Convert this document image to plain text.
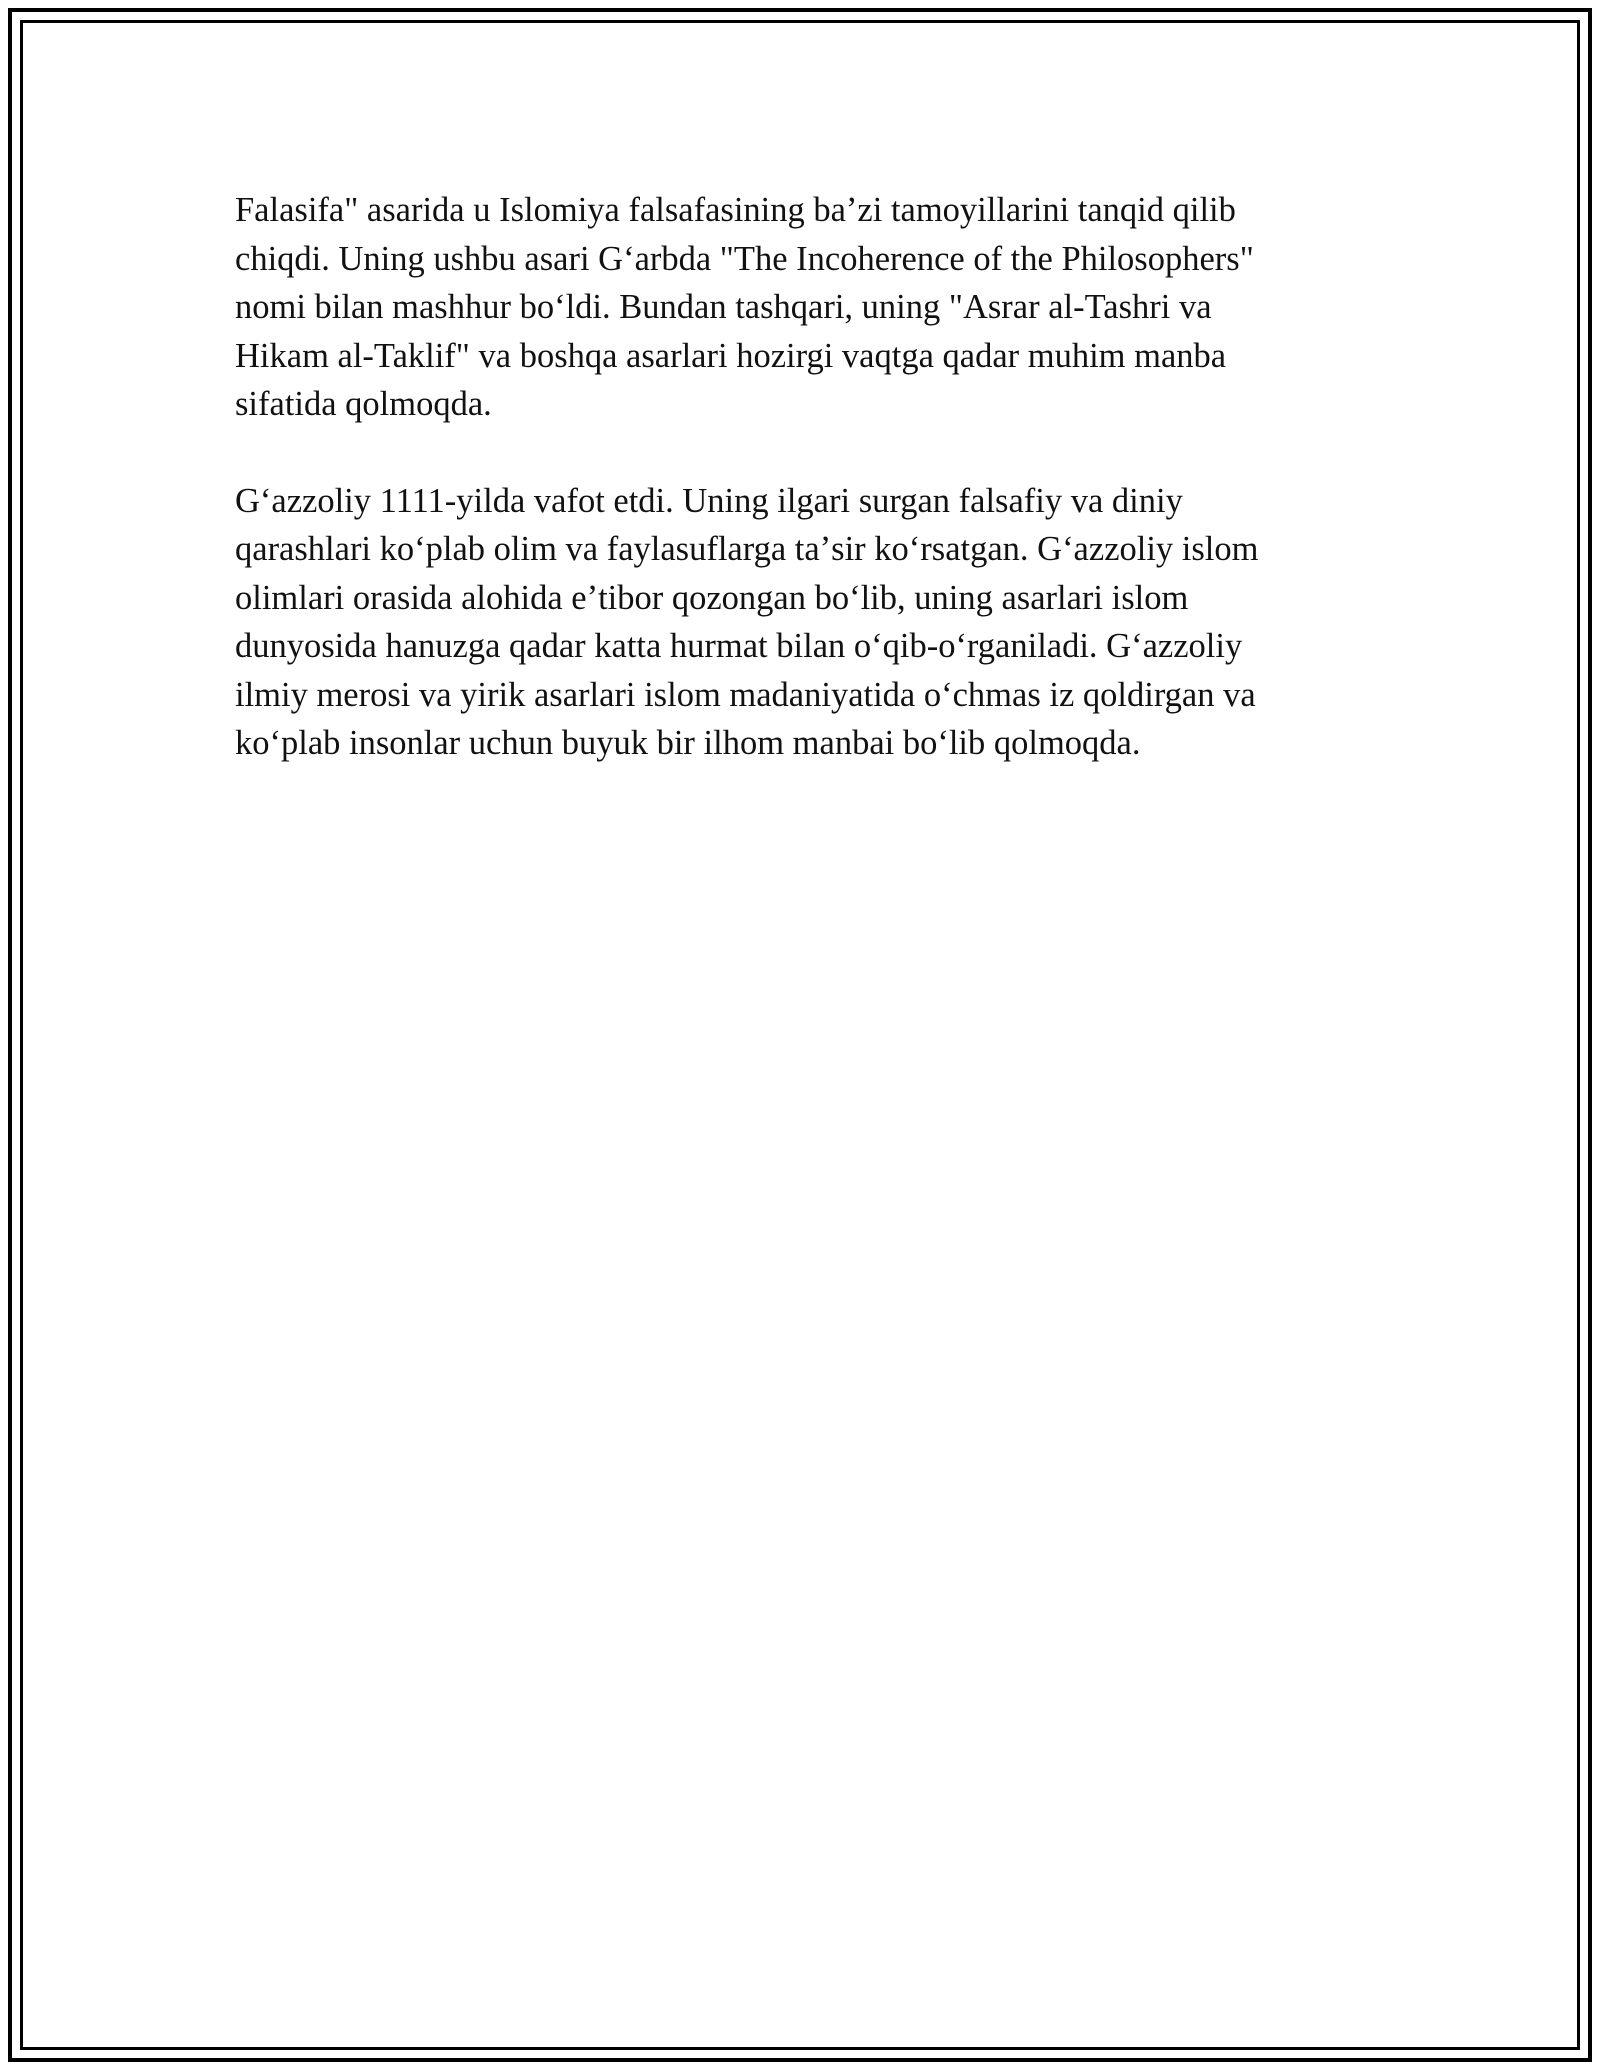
Falasifa" asarida u Islomiya falsafasining baʼzi tamoyillarini tanqid qilib
chiqdi. Uning ushbu asari Gʻarbda "The Incoherence of the Philosophers"
nomi bilan mashhur boʻldi. Bundan tashqari, uning "Asrar al-Tashri va
Hikam al-Taklif" va boshqa asarlari hozirgi vaqtga qadar muhim manba
sifatida qolmoqda.

Gʻazzoliy 1111-yilda vafot etdi. Uning ilgari surgan falsafiy va diniy
qarashlari koʻplab olim va faylasuflarga taʼsir koʻrsatgan. Gʻazzoliy islom
olimlari orasida alohida eʼtibor qozongan boʻlib, uning asarlari islom
dunyosida hanuzga qadar katta hurmat bilan oʻqib-oʻrganiladi. Gʻazzoliy
ilmiy merosi va yirik asarlari islom madaniyatida oʻchmas iz qoldirgan va
koʻplab insonlar uchun buyuk bir ilhom manbai boʻlib qolmoqda.
